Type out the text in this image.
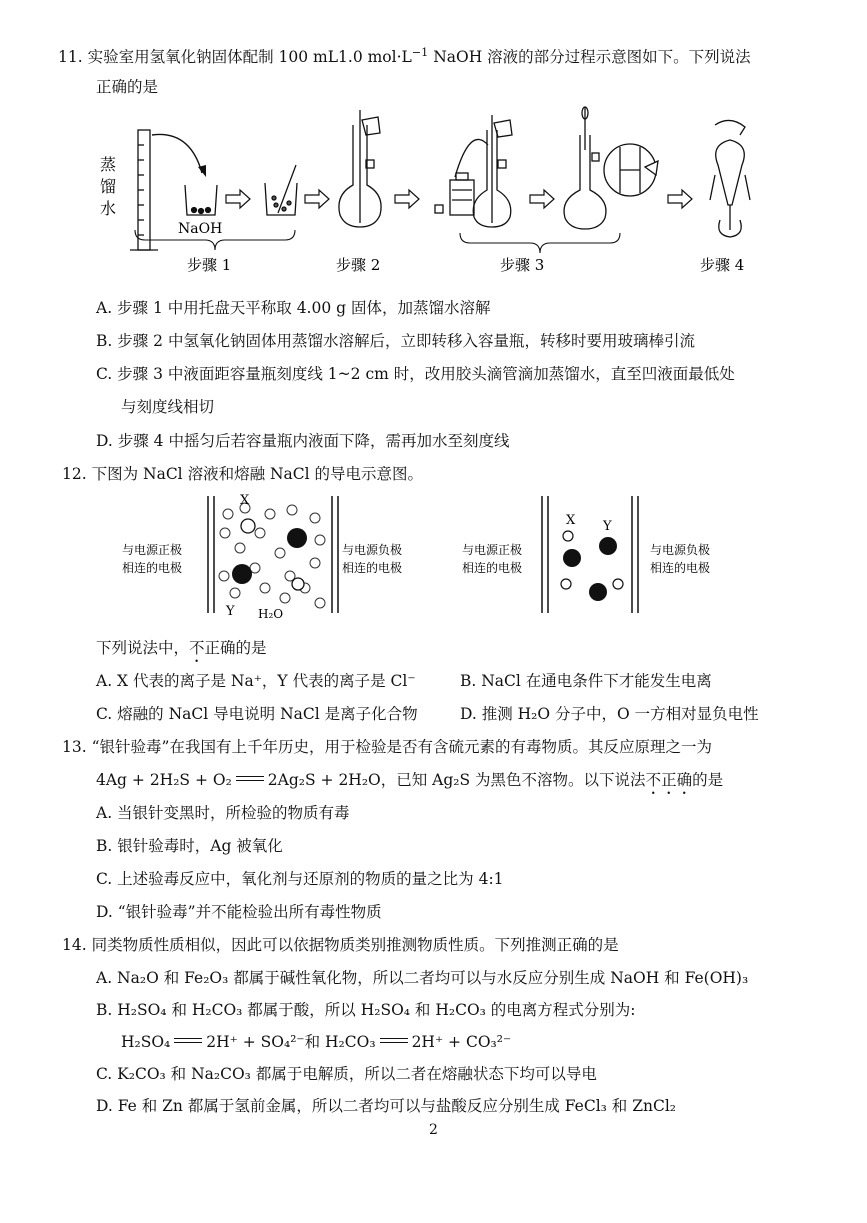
11. 实验室用氢氧化钠固体配制 100 mL1.0 $mol\cdot L^{-1}$ NaOH 溶液的部分过程示意图如下。下列说法
正确的是
蒸
馏
水
NaOH
步骤 1	步骤 2	步骤 3	步骤 4
A. 步骤 1 中用托盘天平称取 4.00 g 固体，加蒸馏水溶解
B. 步骤 2 中氢氧化钠固体用蒸馏水溶解后，立即转移入容量瓶，转移时要用玻璃棒引流
C. 步骤 3 中液面距容量瓶刻度线 1~2 cm 时，改用胶头滴管滴加蒸馏水，直至凹液面最低处
与刻度线相切
D. 步骤 4 中摇匀后若容量瓶内液面下降，需再加水至刻度线
12. 下图为 NaCl 溶液和熔融 NaCl 的导电示意图。
与电源正极
相连的电极
与电源负极
相连的电极
X
Y H₂O
与电源正极
相连的电极
与电源负极
相连的电极
X Y
下列说法中，不正确的是
A. X 代表的离子是 Na⁺，Y 代表的离子是 Cl⁻	B. NaCl 在通电条件下才能发生电离
C. 熔融的 NaCl 导电说明 NaCl 是离子化合物	D. 推测 H₂O 分子中，O 一方相对显负电性
13. “银针验毒”在我国有上千年历史，用于检验是否有含硫元素的有毒物质。其反应原理之一为
4Ag + 2H₂S + O₂ 2Ag₂S + 2H₂O，已知 Ag₂S 为黑色不溶物。以下说法不正确的是
A. 当银针变黑时，所检验的物质有毒
B. 银针验毒时，Ag 被氧化
C. 上述验毒反应中，氧化剂与还原剂的物质的量之比为 4:1
D. “银针验毒”并不能检验出所有毒性物质
14. 同类物质性质相似，因此可以依据物质类别推测物质性质。下列推测正确的是
A. Na₂O 和 Fe₂O₃ 都属于碱性氧化物，所以二者均可以与水反应分别生成 NaOH 和 Fe(OH)₃
B. H₂SO₄ 和 H₂CO₃ 都属于酸，所以 H₂SO₄ 和 H₂CO₃ 的电离方程式分别为:
H₂SO₄ 2H⁺ + SO₄²⁻和 H₂CO₃ 2H⁺ + CO₃²⁻
C. K₂CO₃ 和 Na₂CO₃ 都属于电解质，所以二者在熔融状态下均可以导电
D. Fe 和 Zn 都属于氢前金属，所以二者均可以与盐酸反应分别生成 FeCl₃ 和 ZnCl₂
2
